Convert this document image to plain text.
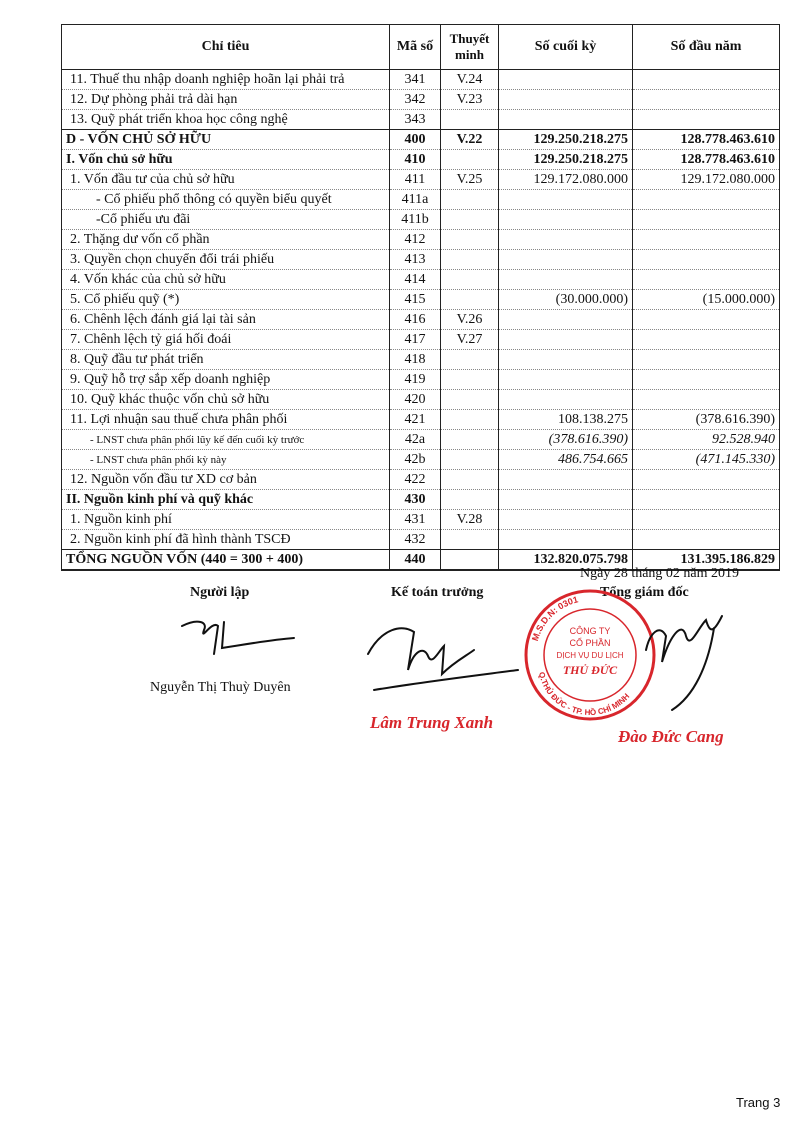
Chỉ tiêu	Mã số	Thuyết minh	Số cuối kỳ	Số đầu năm
11. Thuế thu nhập doanh nghiệp hoãn lại phải trả	341	V.24		
12. Dự phòng phải trả dài hạn	342	V.23		
13. Quỹ phát triển khoa học công nghệ	343			
D - VỐN CHỦ SỞ HỮU	400	V.22	129.250.218.275	128.778.463.610
I. Vốn chủ sở hữu	410		129.250.218.275	128.778.463.610
1. Vốn đầu tư của chủ sở hữu	411	V.25	129.172.080.000	129.172.080.000
- Cổ phiếu phổ thông có quyền biểu quyết	411a			
-Cổ phiếu ưu đãi	411b			
2. Thặng dư vốn cổ phần	412			
3. Quyền chọn chuyển đổi trái phiếu	413			
4. Vốn khác của chủ sở hữu	414			
5. Cổ phiếu quỹ (*)	415		(30.000.000)	(15.000.000)
6. Chênh lệch đánh giá lại tài sản	416	V.26		
7. Chênh lệch tỷ giá hối đoái	417	V.27		
8. Quỹ đầu tư phát triển	418			
9. Quỹ hỗ trợ sắp xếp doanh nghiệp	419			
10. Quỹ khác thuộc vốn chủ sở hữu	420			
11. Lợi nhuận sau thuế chưa phân phối	421		108.138.275	(378.616.390)
- LNST chưa phân phối lũy kế đến cuối kỳ trước	42a		(378.616.390)	92.528.940
- LNST chưa phân phối kỳ này	42b		486.754.665	(471.145.330)
12. Nguồn vốn đầu tư XD cơ bản	422			
II. Nguồn kinh phí và quỹ khác	430			
1. Nguồn kinh phí	431	V.28		
2. Nguồn kinh phí đã hình thành TSCĐ	432			
TỔNG NGUỒN VỐN (440 = 300 + 400)	440		132.820.075.798	131.395.186.829
Ngày 28 tháng 02 năm 2019
Người lập	Kế toán trưởng	Tổng giám đốc
Nguyễn Thị Thuỳ Duyên
Lâm Trung Xanh
M.S.D.N: 0301
Q.THỦ ĐỨC - TP. HỒ CHÍ MINH
CÔNG TY
CỔ PHẦN
DỊCH VỤ DU LỊCH
THỦ ĐỨC
Đào Đức Cang
Trang 3
